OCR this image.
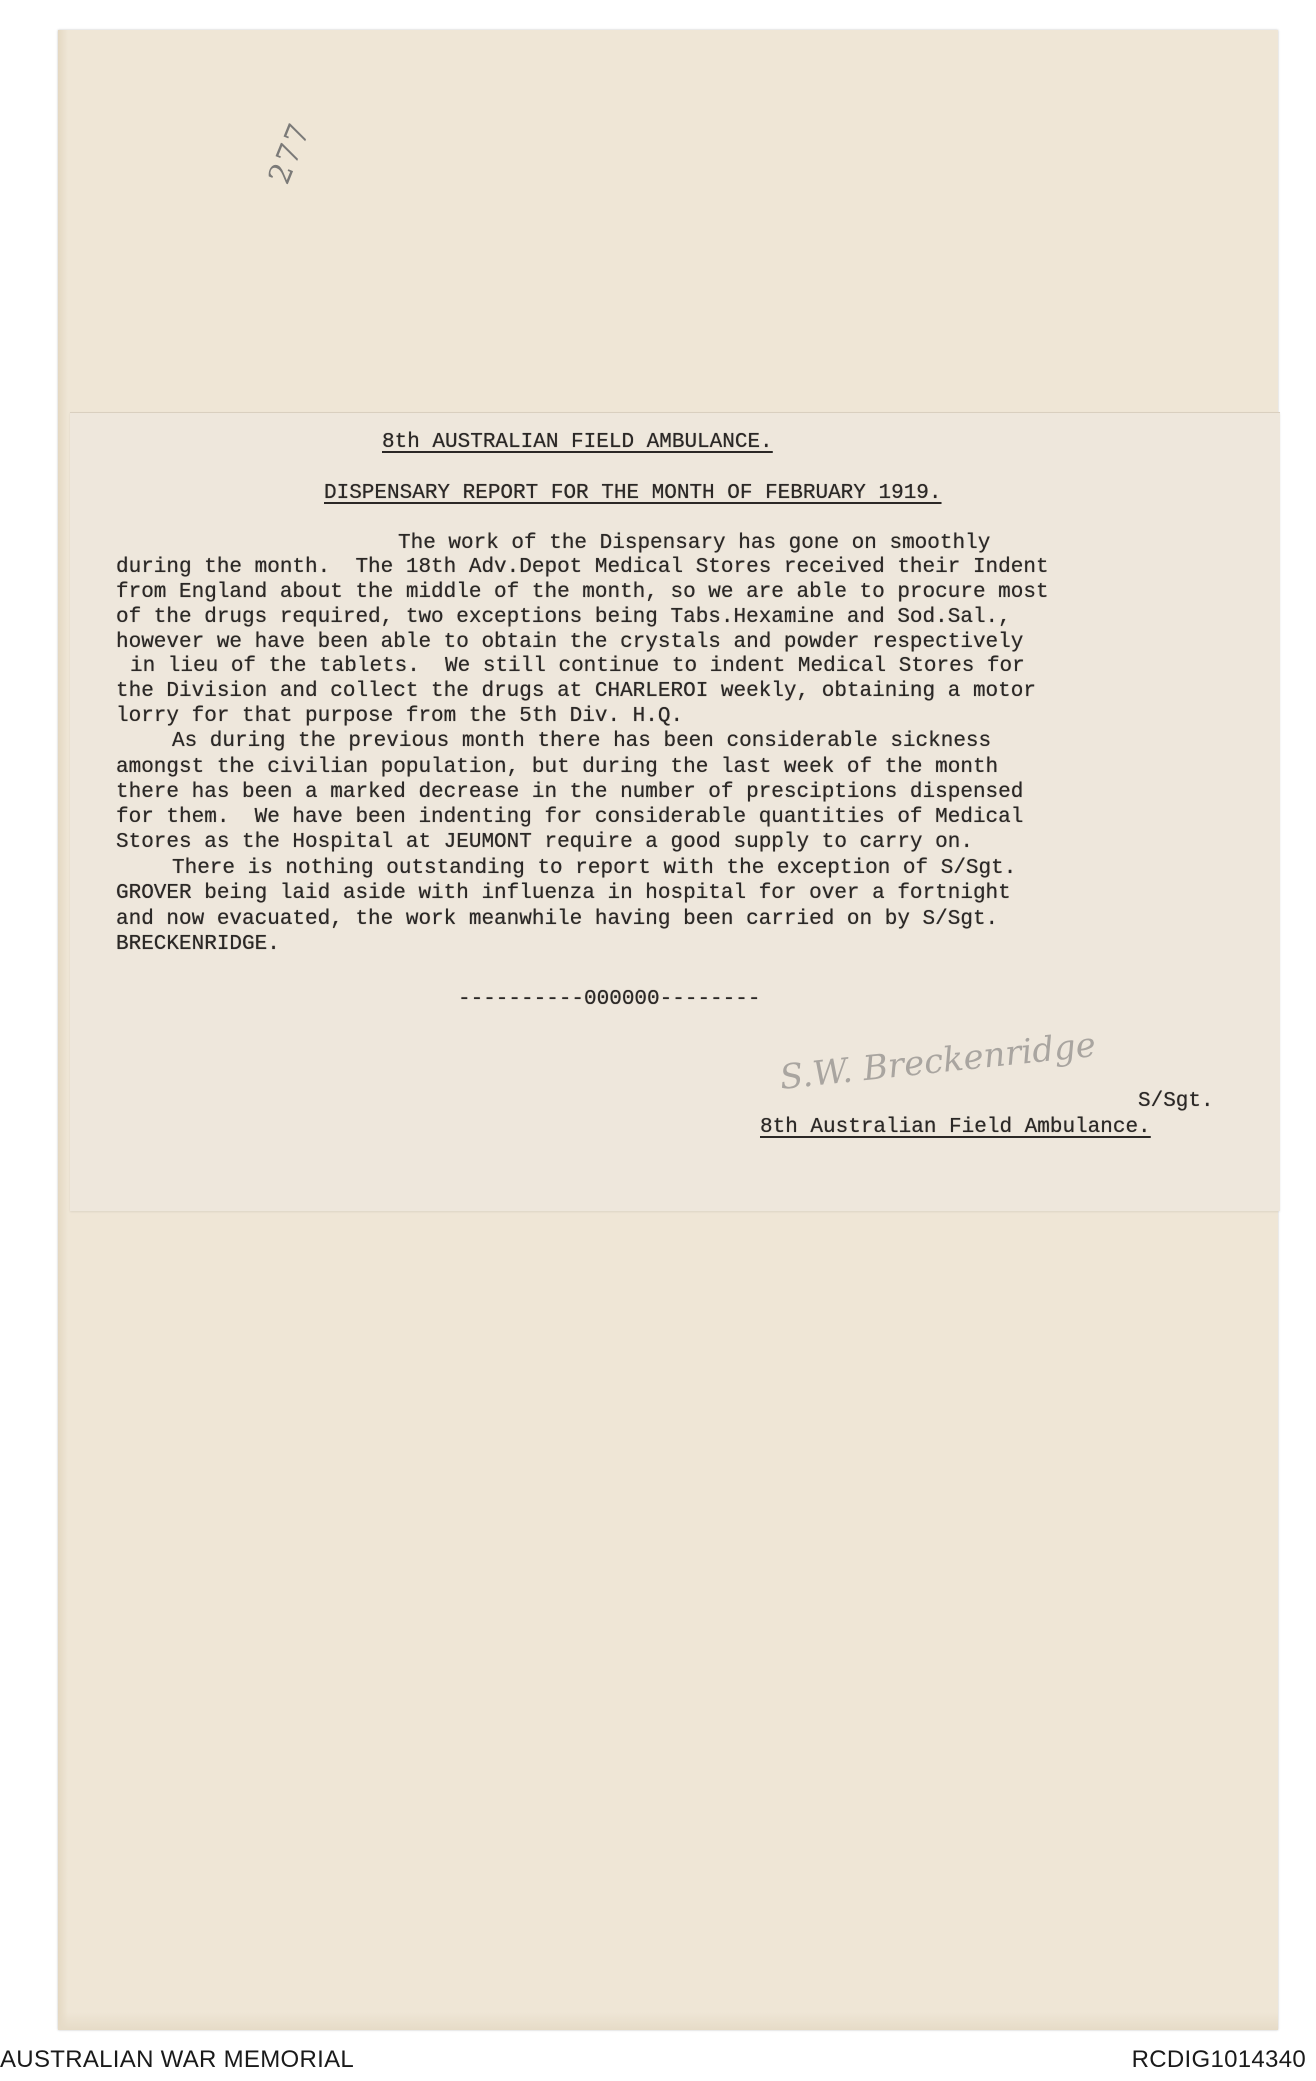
277
8th AUSTRALIAN FIELD AMBULANCE.
DISPENSARY REPORT FOR THE MONTH OF FEBRUARY 1919.
The work of the Dispensary has gone on smoothly
during the month.  The 18th Adv.Depot Medical Stores received their Indent
from England about the middle of the month, so we are able to procure most
of the drugs required, two exceptions being Tabs.Hexamine and Sod.Sal.,
however we have been able to obtain the crystals and powder respectively
in lieu of the tablets.  We still continue to indent Medical Stores for
the Division and collect the drugs at CHARLEROI weekly, obtaining a motor
lorry for that purpose from the 5th Div. H.Q.
As during the previous month there has been considerable sickness
amongst the civilian population, but during the last week of the month
there has been a marked decrease in the number of presciptions dispensed
for them.  We have been indenting for considerable quantities of Medical
Stores as the Hospital at JEUMONT require a good supply to carry on.
There is nothing outstanding to report with the exception of S/Sgt.
GROVER being laid aside with influenza in hospital for over a fortnight
and now evacuated, the work meanwhile having been carried on by S/Sgt.
BRECKENRIDGE.
----------000000--------
S.W. Breckenridge
S/Sgt.
8th Australian Field Ambulance.
AUSTRALIAN WAR MEMORIAL	RCDIG1014340
